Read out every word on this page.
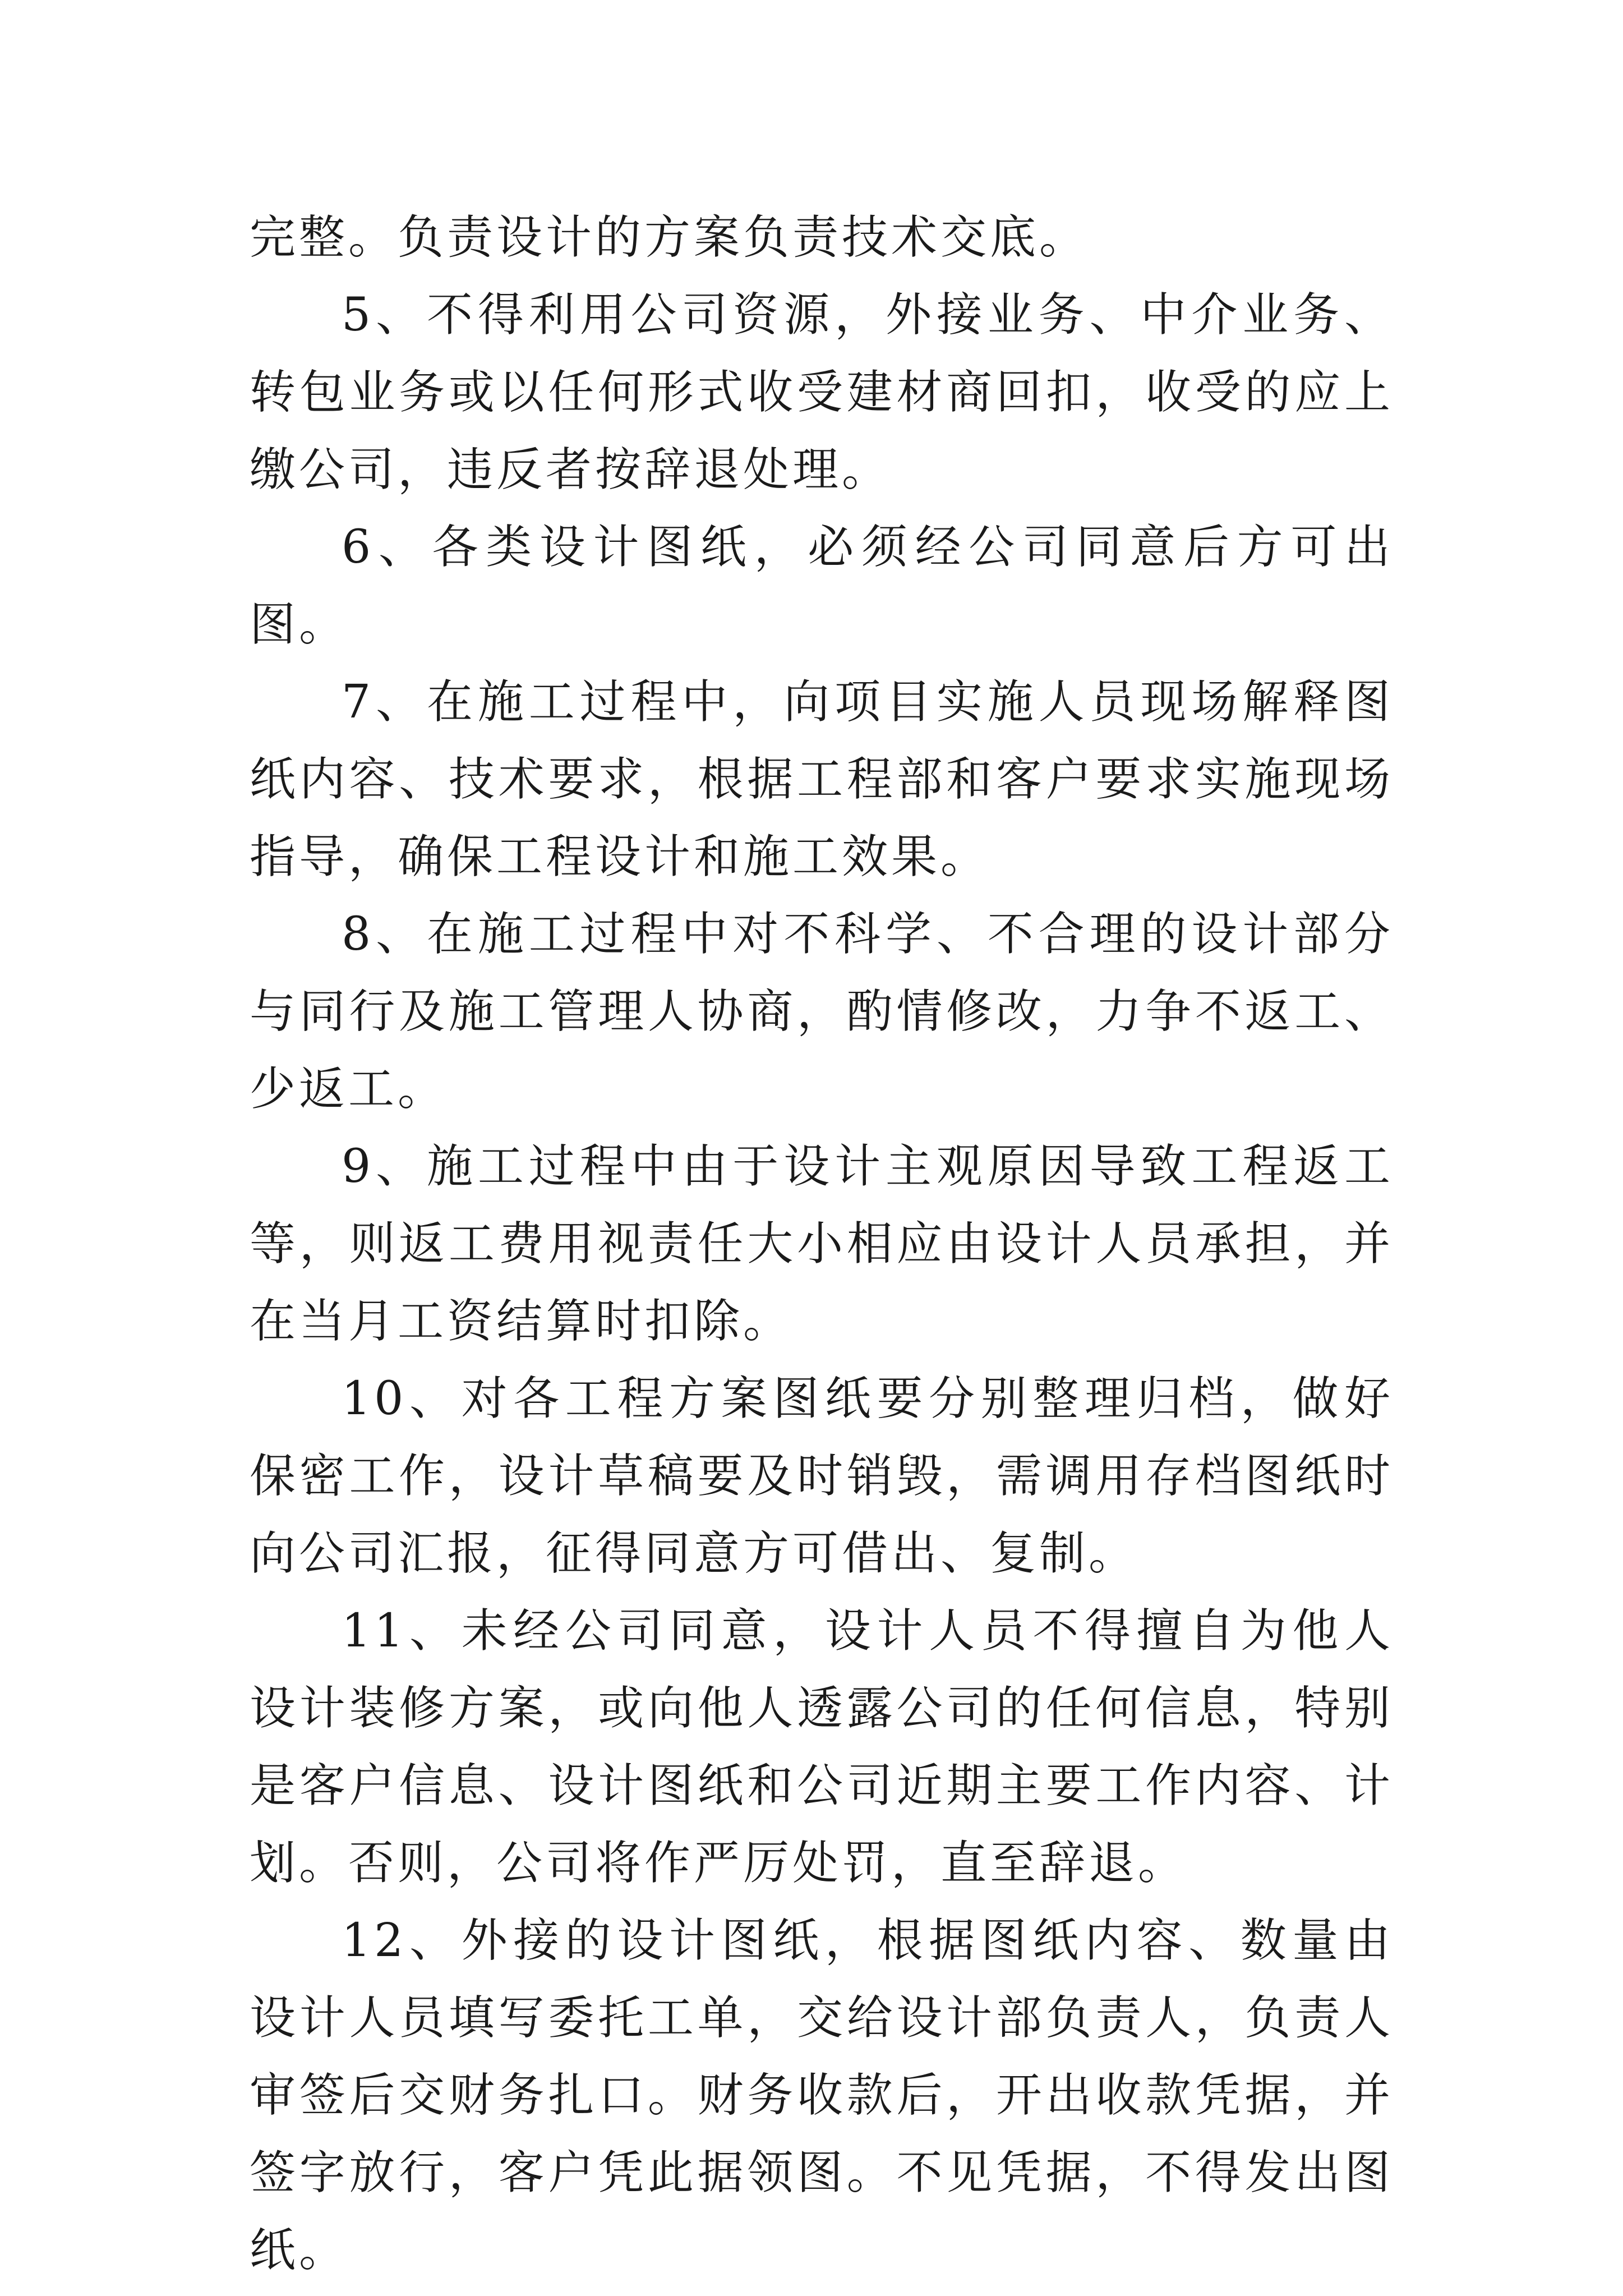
完整。负责设计的方案负责技术交底。

5、不得利用公司资源，外接业务、中介业务、转包业务或以任何形式收受建材商回扣，收受的应上缴公司，违反者按辞退处理。

6、各类设计图纸，必须经公司同意后方可出图。

7、在施工过程中，向项目实施人员现场解释图纸内容、技术要求，根据工程部和客户要求实施现场指导，确保工程设计和施工效果。

8、在施工过程中对不科学、不合理的设计部分与同行及施工管理人协商，酌情修改，力争不返工、少返工。

9、施工过程中由于设计主观原因导致工程返工等，则返工费用视责任大小相应由设计人员承担，并在当月工资结算时扣除。

10、对各工程方案图纸要分别整理归档，做好保密工作，设计草稿要及时销毁，需调用存档图纸时向公司汇报，征得同意方可借出、复制。

11、未经公司同意，设计人员不得擅自为他人设计装修方案，或向他人透露公司的任何信息，特别是客户信息、设计图纸和公司近期主要工作内容、计划。否则，公司将作严厉处罚，直至辞退。

12、外接的设计图纸，根据图纸内容、数量由设计人员填写委托工单，交给设计部负责人，负责人审签后交财务扎口。财务收款后，开出收款凭据，并签字放行，客户凭此据领图。不见凭据，不得发出图纸。
